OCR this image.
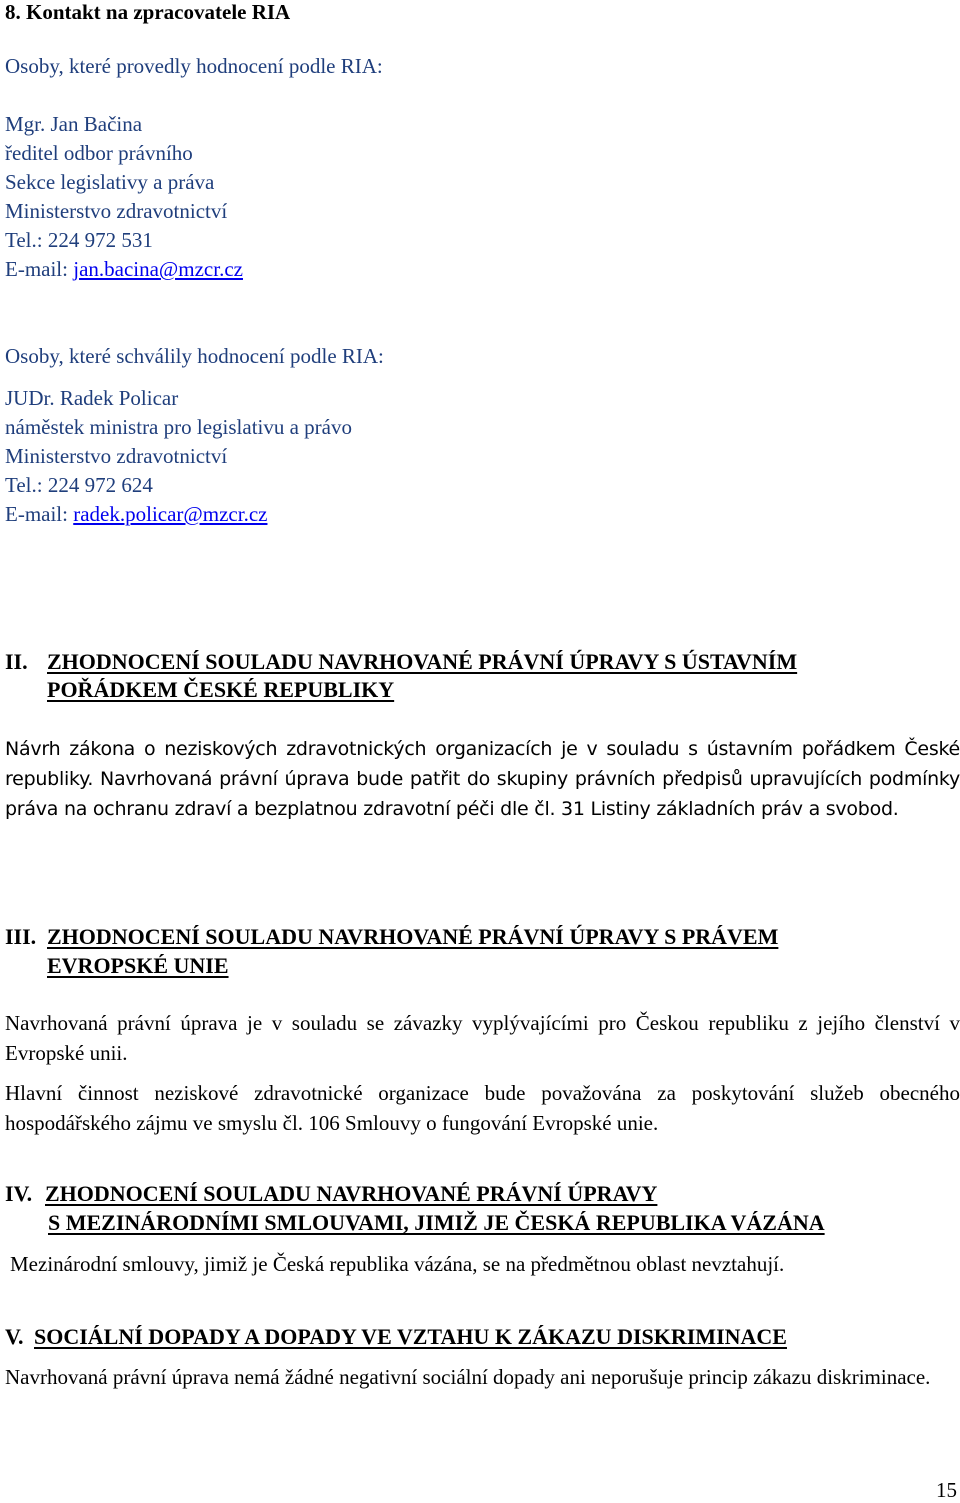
8. Kontakt na zpracovatele RIA
Osoby, které provedly hodnocení podle RIA:
Mgr. Jan Bačina
ředitel odbor právního
Sekce legislativy a práva
Ministerstvo zdravotnictví
Tel.: 224 972 531
E-mail: jan.bacina@mzcr.cz
Osoby, které schválily hodnocení podle RIA:
JUDr. Radek Policar
náměstek ministra pro legislativu a právo
Ministerstvo zdravotnictví
Tel.: 224 972 624
E-mail: radek.policar@mzcr.cz
II. ZHODNOCENÍ SOULADU NAVRHOVANÉ PRÁVNÍ ÚPRAVY S ÚSTAVNÍM
POŘÁDKEM ČESKÉ REPUBLIKY
Návrh zákona o neziskových zdravotnických organizacích je v souladu s ústavním pořádkem České republiky. Navrhovaná právní úprava bude patřit do skupiny právních předpisů upravujících podmínky práva na ochranu zdraví a bezplatnou zdravotní péči dle čl. 31 Listiny základních práv a svobod.
III. ZHODNOCENÍ SOULADU NAVRHOVANÉ PRÁVNÍ ÚPRAVY S PRÁVEM
EVROPSKÉ UNIE
Navrhovaná právní úprava je v souladu se závazky vyplývajícími pro Českou republiku z jejího členství v Evropské unii.
Hlavní činnost neziskové zdravotnické organizace bude považována za poskytování služeb obecného hospodářského zájmu ve smyslu čl. 106 Smlouvy o fungování Evropské unie.
IV. ZHODNOCENÍ SOULADU NAVRHOVANÉ PRÁVNÍ ÚPRAVY
S MEZINÁRODNÍMI SMLOUVAMI, JIMIŽ JE ČESKÁ REPUBLIKA VÁZÁNA
Mezinárodní smlouvy, jimiž je Česká republika vázána, se na předmětnou oblast nevztahují.
V. SOCIÁLNÍ DOPADY A DOPADY VE VZTAHU K ZÁKAZU DISKRIMINACE
Navrhovaná právní úprava nemá žádné negativní sociální dopady ani neporušuje princip zákazu diskriminace.
15
